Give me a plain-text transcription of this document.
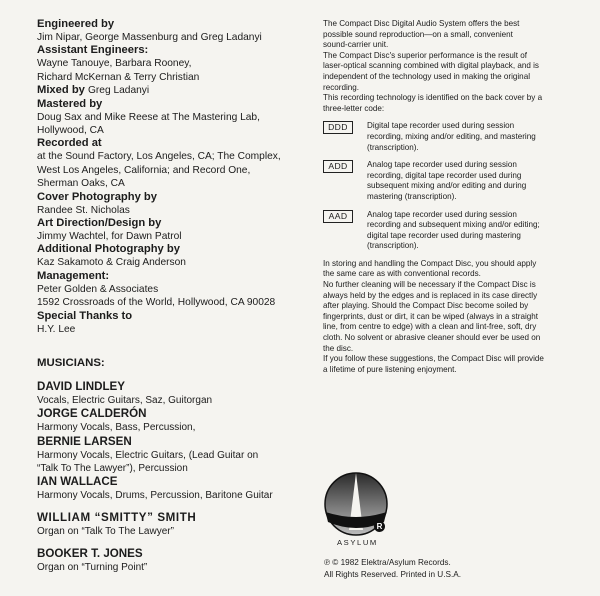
Engineered by
Jim Nipar, George Massenburg and Greg Ladanyi
Assistant Engineers:
Wayne Tanouye, Barbara Rooney,
Richard McKernan & Terry Christian
Mixed by Greg Ladanyi
Mastered by
Doug Sax and Mike Reese at The Mastering Lab,
Hollywood, CA
Recorded at
at the Sound Factory, Los Angeles, CA; The Complex,
West Los Angeles, California; and Record One,
Sherman Oaks, CA
Cover Photography by
Randee St. Nicholas
Art Direction/Design by
Jimmy Wachtel, for Dawn Patrol
Additional Photography by
Kaz Sakamoto & Craig Anderson
Management:
Peter Golden & Associates
1592 Crossroads of the World, Hollywood, CA 90028
Special Thanks to
H.Y. Lee
MUSICIANS:
DAVID LINDLEY
Vocals, Electric Guitars, Saz, Guitorgan
JORGE CALDERÓN
Harmony Vocals, Bass, Percussion,
BERNIE LARSEN
Harmony Vocals, Electric Guitars, (Lead Guitar on
“Talk To The Lawyer”), Percussion
IAN WALLACE
Harmony Vocals, Drums, Percussion, Baritone Guitar
WILLIAM “SMITTY” SMITH
Organ on “Talk To The Lawyer”
BOOKER T. JONES
Organ on “Turning Point”
The Compact Disc Digital Audio System offers the best
possible sound reproduction—on a small, convenient
sound-carrier unit.
The Compact Disc's superior performance is the result of
laser-optical scanning combined with digital playback, and is
independent of the technology used in making the original
recording.
This recording technology is identified on the back cover by a
three-letter code:
DDD	Digital tape recorder used during session
recording, mixing and/or editing, and mastering
(transcription).
ADD	Analog tape recorder used during session
recording, digital tape recorder used during
subsequent mixing and/or editing and during
mastering (transcription).
AAD	Analog tape recorder used during session
recording and subsequent mixing and/or editing;
digital tape recorder used during mastering
(transcription).
In storing and handling the Compact Disc, you should apply
the same care as with conventional records.
No further cleaning will be necessary if the Compact Disc is
always held by the edges and is replaced in its case directly
after playing. Should the Compact Disc become soiled by
fingerprints, dust or dirt, it can be wiped (always in a straight
line, from centre to edge) with a clean and lint-free, soft, dry
cloth. No solvent or abrasive cleaner should ever be used on
the disc.
If you follow these suggestions, the Compact Disc will provide
a lifetime of pure listening enjoyment.
R
ASYLUM
℗ © 1982 Elektra/Asylum Records.
All Rights Reserved. Printed in U.S.A.
